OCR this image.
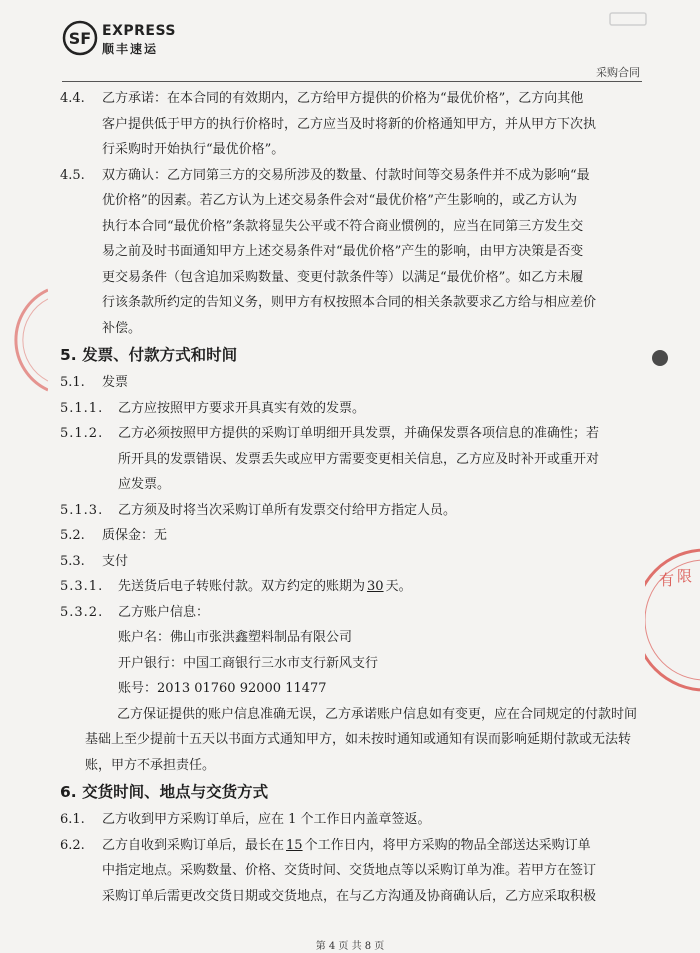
SF EXPRESS
顺丰速运
采购合同
4.4.	乙方承诺：在本合同的有效期内，乙方给甲方提供的价格为“最优价格”，乙方向其他
客户提供低于甲方的执行价格时，乙方应当及时将新的价格通知甲方，并从甲方下次执
行采购时开始执行“最优价格”。
4.5.	双方确认：乙方同第三方的交易所涉及的数量、付款时间等交易条件并不成为影响“最
优价格”的因素。若乙方认为上述交易条件会对“最优价格”产生影响的，或乙方认为
执行本合同“最优价格”条款将显失公平或不符合商业惯例的，应当在同第三方发生交
易之前及时书面通知甲方上述交易条件对“最优价格”产生的影响，由甲方决策是否变
更交易条件（包含追加采购数量、变更付款条件等）以满足“最优价格”。如乙方未履
行该条款所约定的告知义务，则甲方有权按照本合同的相关条款要求乙方给与相应差价
补偿。
5. 发票、付款方式和时间
5.1.	发票
5.1.1.	乙方应按照甲方要求开具真实有效的发票。
5.1.2.	乙方必须按照甲方提供的采购订单明细开具发票，并确保发票各项信息的准确性；若
所开具的发票错误、发票丢失或应甲方需要变更相关信息，乙方应及时补开或重开对
应发票。
5.1.3.	乙方须及时将当次采购订单所有发票交付给甲方指定人员。
5.2.	质保金：无
5.3.	支付
5.3.1.	先送货后电子转账付款。双方约定的账期为 30 天。
5.3.2.	乙方账户信息：
账户名：佛山市张洪鑫塑料制品有限公司
开户银行：中国工商银行三水市支行新风支行
账号：2013 01760 92000 11477
乙方保证提供的账户信息准确无误，乙方承诺账户信息如有变更，应在合同规定的付款时间基础上至少提前十五天以书面方式通知甲方，如未按时通知或通知有误而影响延期付款或无法转账，甲方不承担责任。
6. 交货时间、地点与交货方式
6.1.	乙方收到甲方采购订单后，应在 1 个工作日内盖章签返。
6.2.	乙方自收到采购订单后，最长在 15 个工作日内，将甲方采购的物品全部送达采购订单
中指定地点。采购数量、价格、交货时间、交货地点等以采购订单为准。若甲方在签订
采购订单后需更改交货日期或交货地点，在与乙方沟通及协商确认后，乙方应采取积极
有 限
第 4 页 共 8 页
